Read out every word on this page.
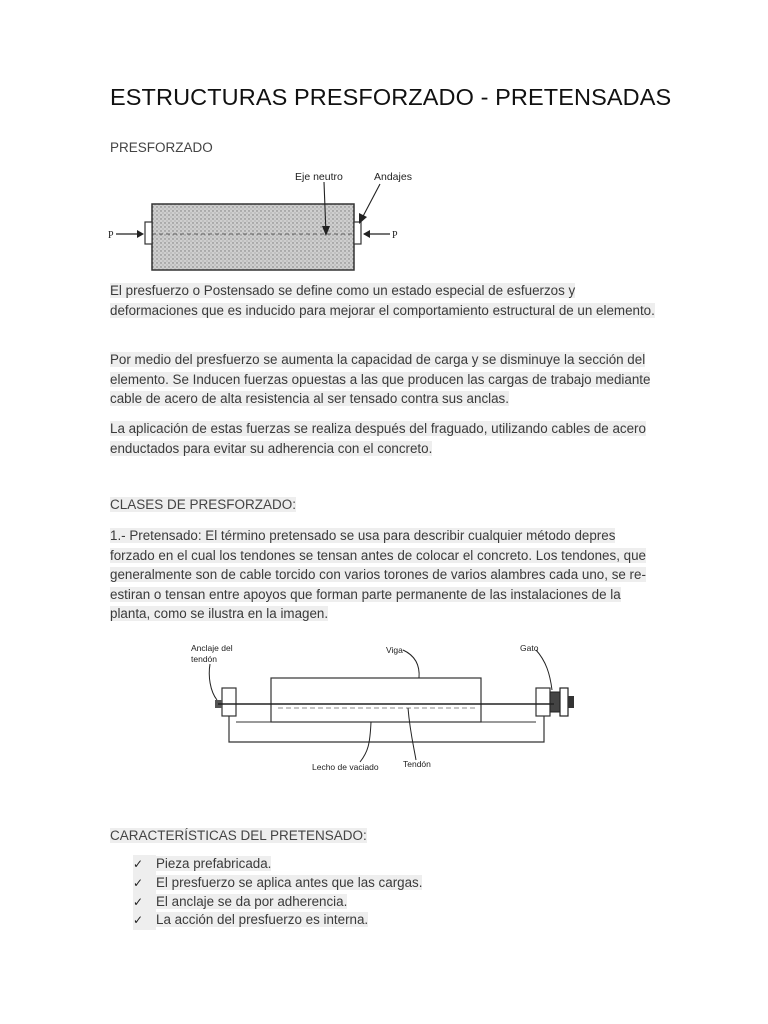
ESTRUCTURAS PRESFORZADO - PRETENSADAS
PRESFORZADO
P	P
Eje neutro	Andajes
El presfuerzo o Postensado se define como un estado especial de esfuerzos y deformaciones que es inducido para mejorar el comportamiento estructural de un elemento.
Por medio del presfuerzo se aumenta la capacidad de carga y se disminuye la sección del elemento. Se Inducen fuerzas opuestas a las que producen las cargas de trabajo mediante cable de acero de alta resistencia al ser tensado contra sus anclas.
La aplicación de estas fuerzas se realiza después del fraguado, utilizando cables de acero enductados para evitar su adherencia con el concreto.
CLASES DE PRESFORZADO:
1.- Pretensado: El término pretensado se usa para describir cualquier método depres forzado en el cual los tendones se tensan antes de colocar el concreto. Los tendones, que generalmente son de cable torcido con varios torones de varios alambres cada uno, se re-estiran o tensan entre apoyos que forman parte permanente de las instalaciones de la planta, como se ilustra en la imagen.
Anclaje del
tendón
Viga	Gato
Lecho de vaciado	Tendón
CARACTERÍSTICAS DEL PRETENSADO:
✓ Pieza prefabricada.
✓ El presfuerzo se aplica antes que las cargas.
✓ El anclaje se da por adherencia.
✓ La acción del presfuerzo es interna.
